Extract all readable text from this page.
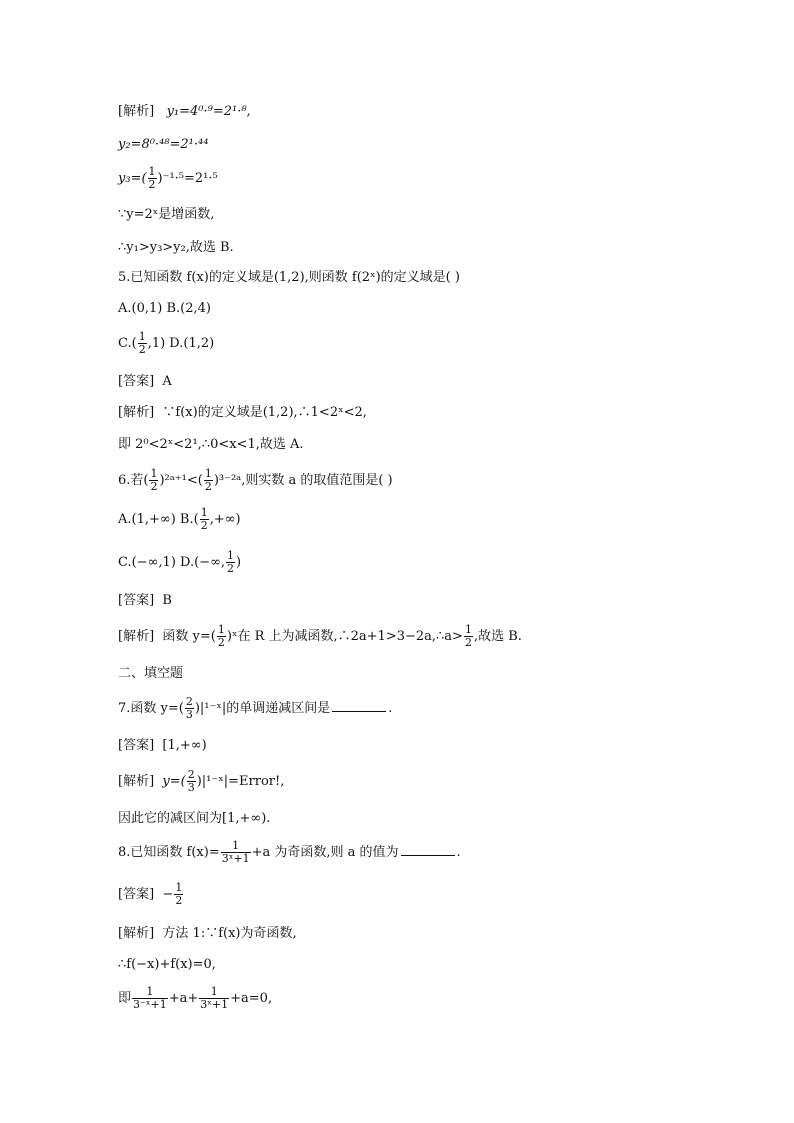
[解析] y₁=4⁰·⁹=2¹·⁸,
y₂=8⁰·⁴⁸=2¹·⁴⁴
$y_3=( \frac{1}{2} )^{-1}\cdot^5=2^1\cdot^5$
∵y=2ˣ是增函数,
∴y₁>y₃>y₂,故选 B.
5.已知函数 f(x)的定义域是(1,2),则函数 f(2ˣ)的定义域是( )
A.(0,1) B.(2,4)
$C.( \frac{1}{2} ,1)$ D.(1,2)
[答案] A
[解析] ∵f(x)的定义域是(1,2),∴1<2ˣ<2,
即 2⁰<2ˣ<2¹,∴0<x<1,故选 A.
6.若( $\frac{1}{2}$ )²ᵃ⁺¹<( $\frac{1}{2}$ )³⁻²ᵃ,则实数 a 的取值范围是( )
A.(1,+∞) $B.( \frac{1}{2}$ ,+∞)
C.(−∞,1) D.(−∞, $\frac{1}{2}$ )
[答案] B
[解析] 函数 $y=( \frac{1}{2}$ )ˣ在 R 上为减函数,∴2a+1>3−2a,∴a> $\frac{1}{2}$ ,故选 B.
二、填空题
7.函数 $y=( \frac{2}{3}$ )|¹⁻ˣ|的单调递减区间是	.
[答案] [1,+∞)
[解析] $y=( \frac{2}{3}$ )|¹⁻ˣ|=Error!,
因此它的减区间为[1,+∞).
8.已知函数 $f(x)= \frac{1}{\text{3ˣ+1}} +a$ 为奇函数,则 a 的值为	.
[答案] − $\frac{1}{2}$
[解析] 方法 1:∵f(x)为奇函数,
∴f(−x)+f(x)=0,
即 $\frac{1}{\text{3⁻ˣ+1}} +a+ \frac{1}{\text{3ˣ+1}} +a=0$,
